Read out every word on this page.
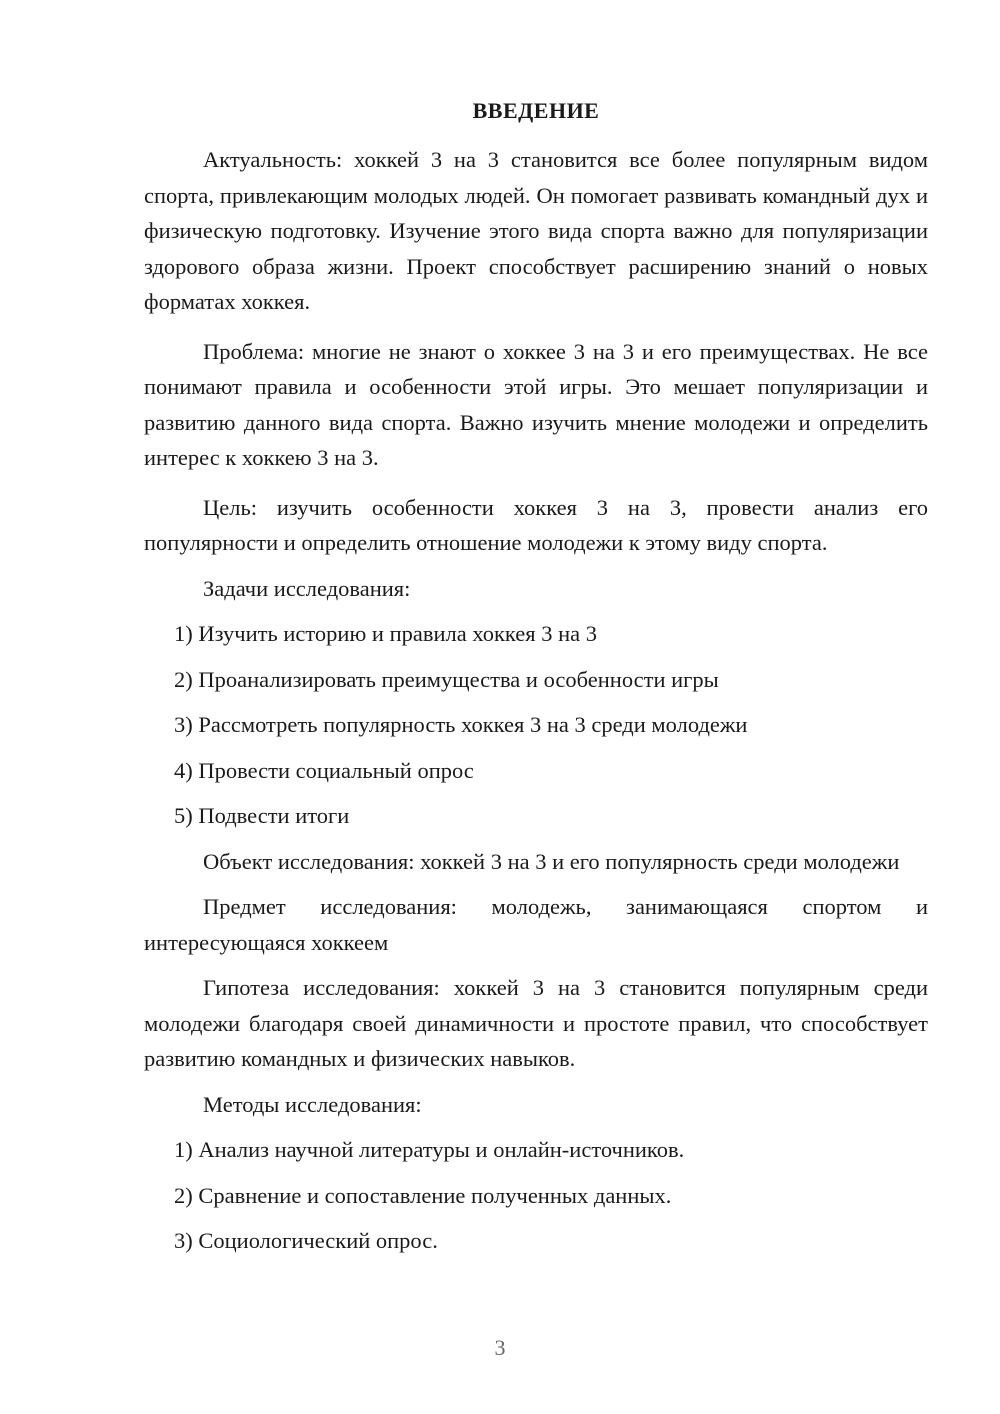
ВВЕДЕНИЕ

Актуальность: хоккей 3 на 3 становится все более популярным видом спорта, привлекающим молодых людей. Он помогает развивать командный дух и физическую подготовку. Изучение этого вида спорта важно для популяризации здорового образа жизни. Проект способствует расширению знаний о новых форматах хоккея.

Проблема: многие не знают о хоккее 3 на 3 и его преимуществах. Не все понимают правила и особенности этой игры. Это мешает популяризации и развитию данного вида спорта. Важно изучить мнение молодежи и определить интерес к хоккею 3 на 3.

Цель: изучить особенности хоккея 3 на 3, провести анализ его популярности и определить отношение молодежи к этому виду спорта.

Задачи исследования:
1) Изучить историю и правила хоккея 3 на 3
2) Проанализировать преимущества и особенности игры
3) Рассмотреть популярность хоккея 3 на 3 среди молодежи
4) Провести социальный опрос
5) Подвести итоги

Объект исследования: хоккей 3 на 3 и его популярность среди молодежи

Предмет исследования: молодежь, занимающаяся спортом и интересующаяся хоккеем

Гипотеза исследования: хоккей 3 на 3 становится популярным среди молодежи благодаря своей динамичности и простоте правил, что способствует развитию командных и физических навыков.

Методы исследования:
1) Анализ научной литературы и онлайн-источников.
2) Сравнение и сопоставление полученных данных.
3) Социологический опрос.
3
